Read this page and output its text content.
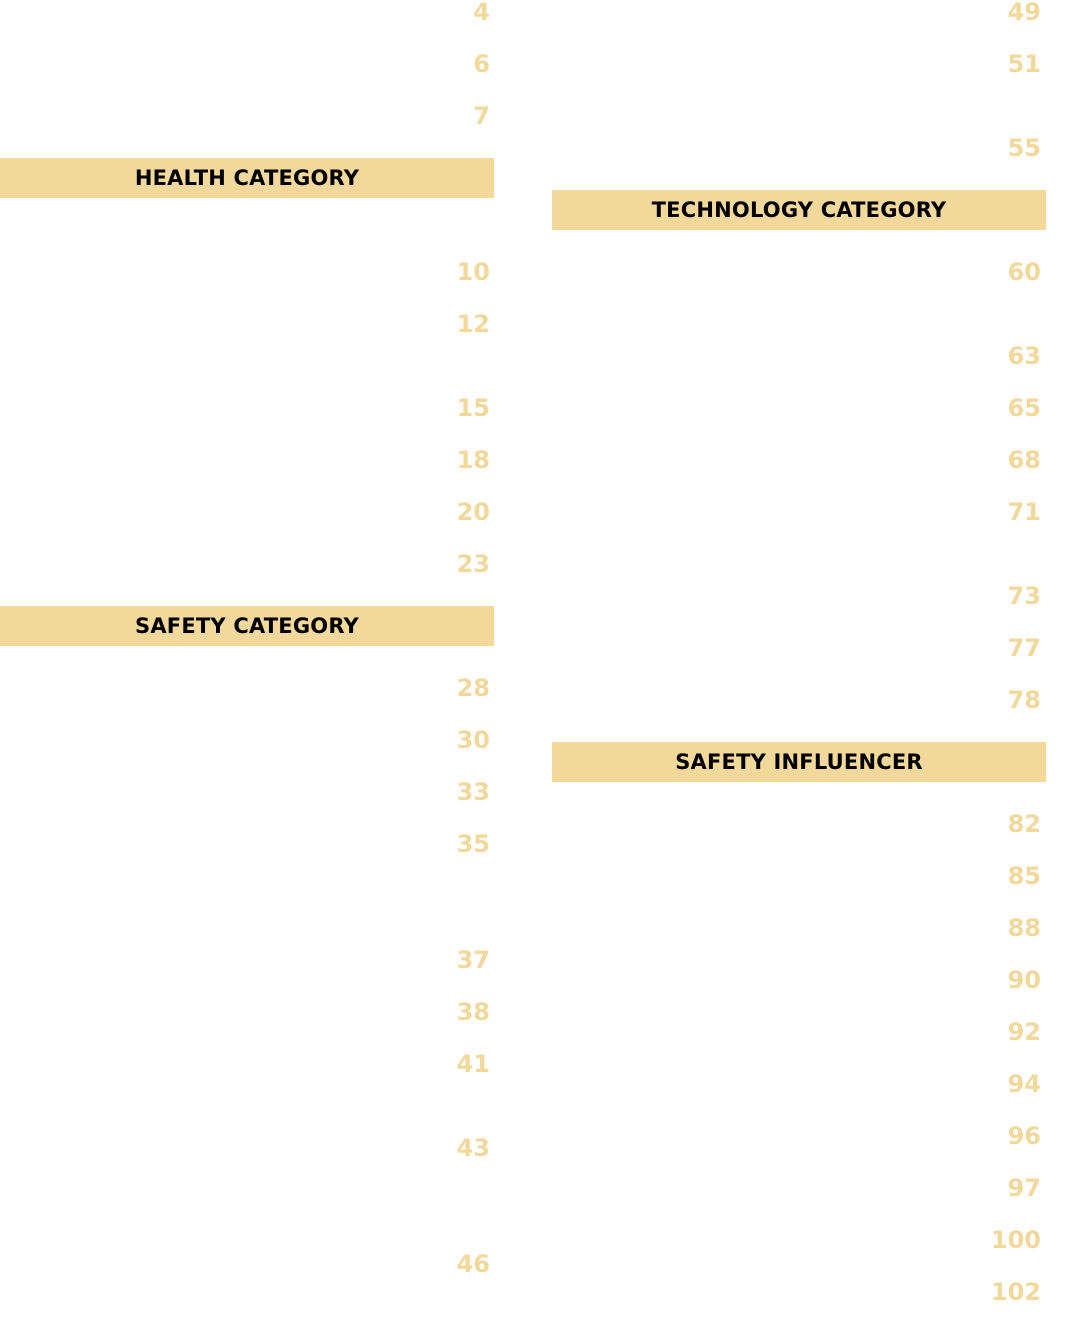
HEALTH CATEGORY
SAFETY CATEGORY
TECHNOLOGY CATEGORY
SAFETY INFLUENCER
4
6
7
10
12
15
18
20
23
28
30
33
35
37
38
41
43
46
49
51
55
60
63
65
68
71
73
77
78
82
85
88
90
92
94
96
97
100
102
